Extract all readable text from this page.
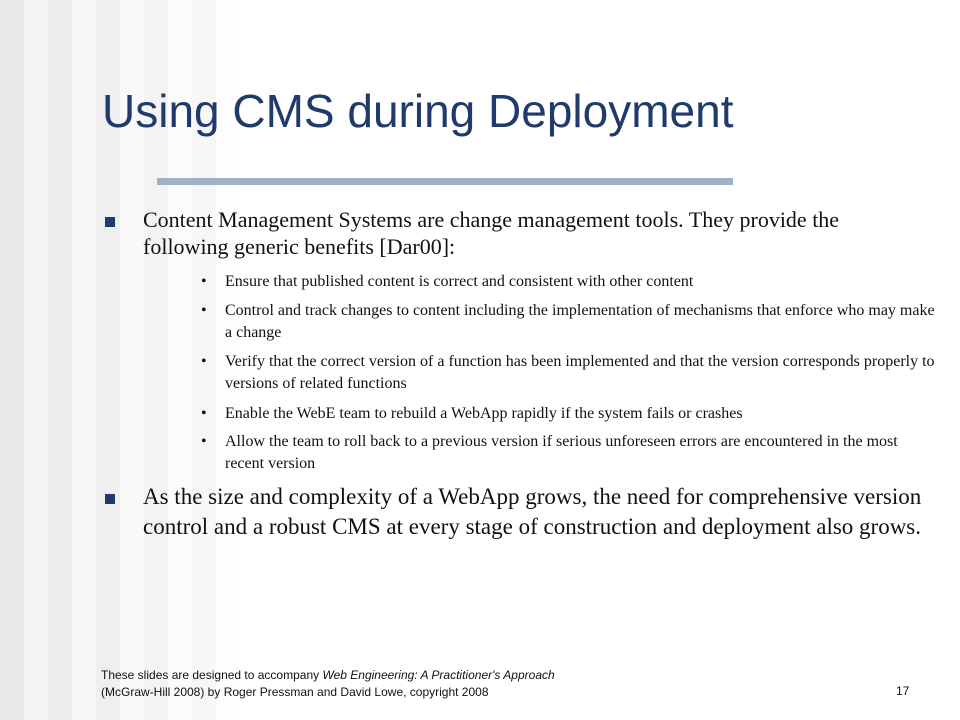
Using CMS during Deployment
Content Management Systems are change management tools. They provide the following generic benefits [Dar00]:
• Ensure that published content is correct and consistent with other content
• Control and track changes to content including the implementation of mechanisms that enforce who may make a change
• Verify that the correct version of a function has been implemented and that the version corresponds properly to versions of related functions
• Enable the WebE team to rebuild a WebApp rapidly if the system fails or crashes
• Allow the team to roll back to a previous version if serious unforeseen errors are encountered in the most recent version
As the size and complexity of a WebApp grows, the need for comprehensive version control and a robust CMS at every stage of construction and deployment also grows.
These slides are designed to accompany Web Engineering: A Practitioner's Approach
(McGraw-Hill 2008) by Roger Pressman and David Lowe, copyright 2008	17
